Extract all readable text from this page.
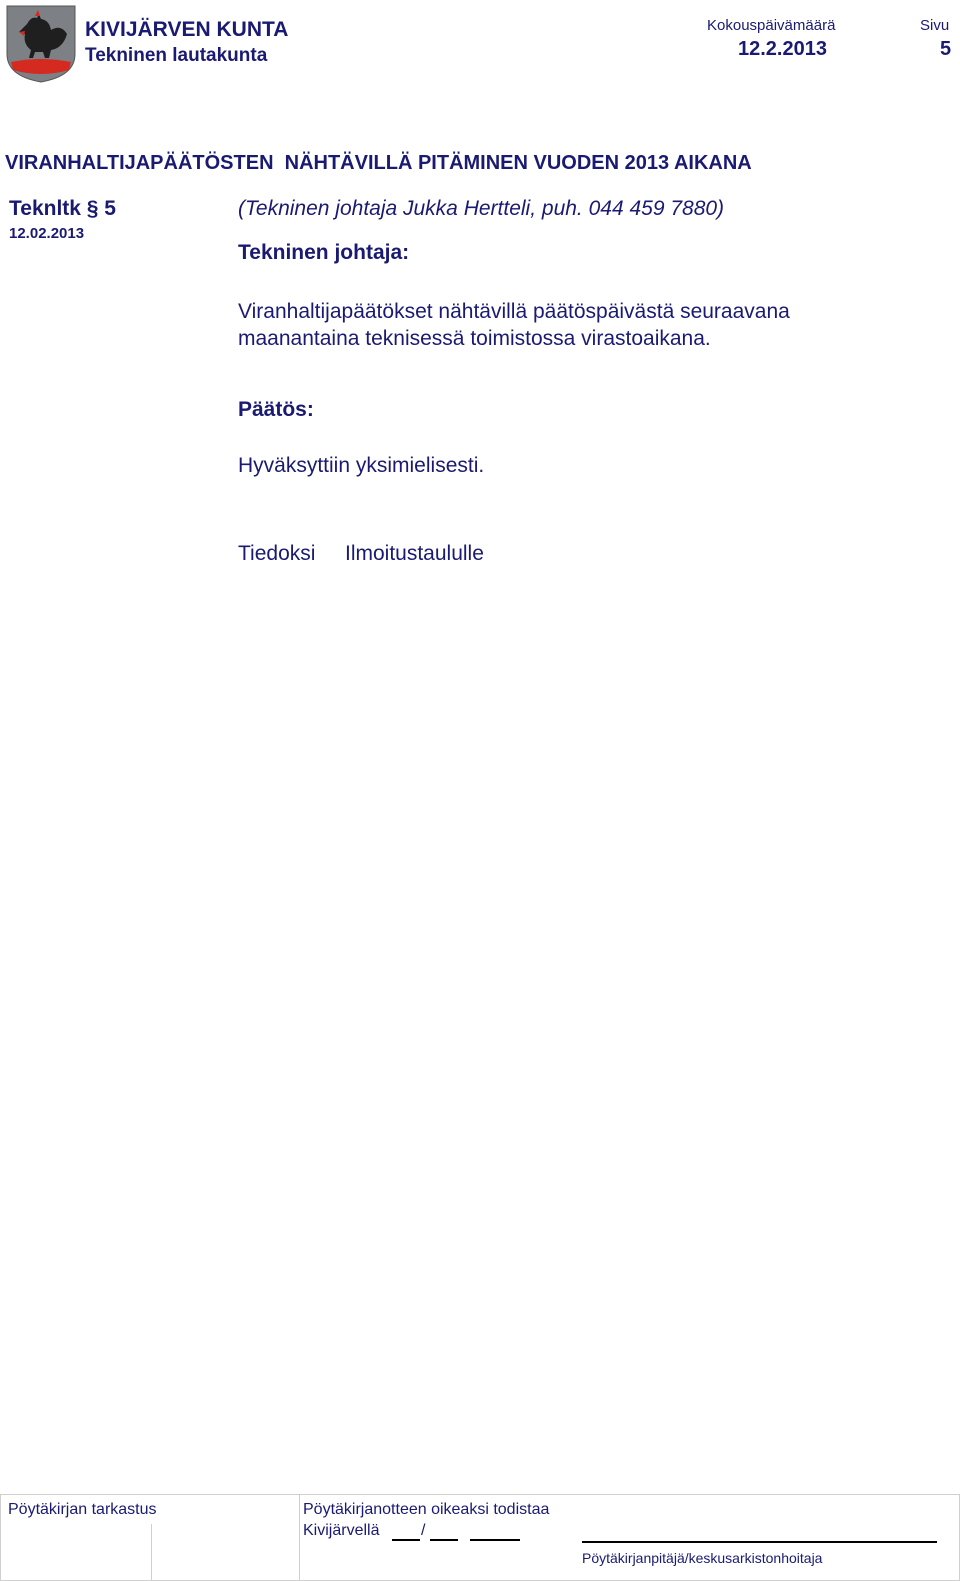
KIVIJÄRVEN KUNTA
Tekninen lautakunta
Kokouspäivämäärä
12.2.2013
Sivu
5
VIRANHALTIJAPÄÄTÖSTEN  NÄHTÄVILLÄ PITÄMINEN VUODEN 2013 AIKANA
Teknltk § 5
12.02.2013
(Tekninen johtaja Jukka Hertteli, puh. 044 459 7880)
Tekninen johtaja:
Viranhaltijapäätökset nähtävillä päätöspäivästä seuraavana
maanantaina teknisessä toimistossa virastoaikana.
Päätös:
Hyväksyttiin yksimielisesti.
Tiedoksi Ilmoitustaululle
Pöytäkirjan tarkastus	Pöytäkirjanotteen oikeaksi todistaa
Kivijärvellä	/
Pöytäkirjanpitäjä/keskusarkistonhoitaja
